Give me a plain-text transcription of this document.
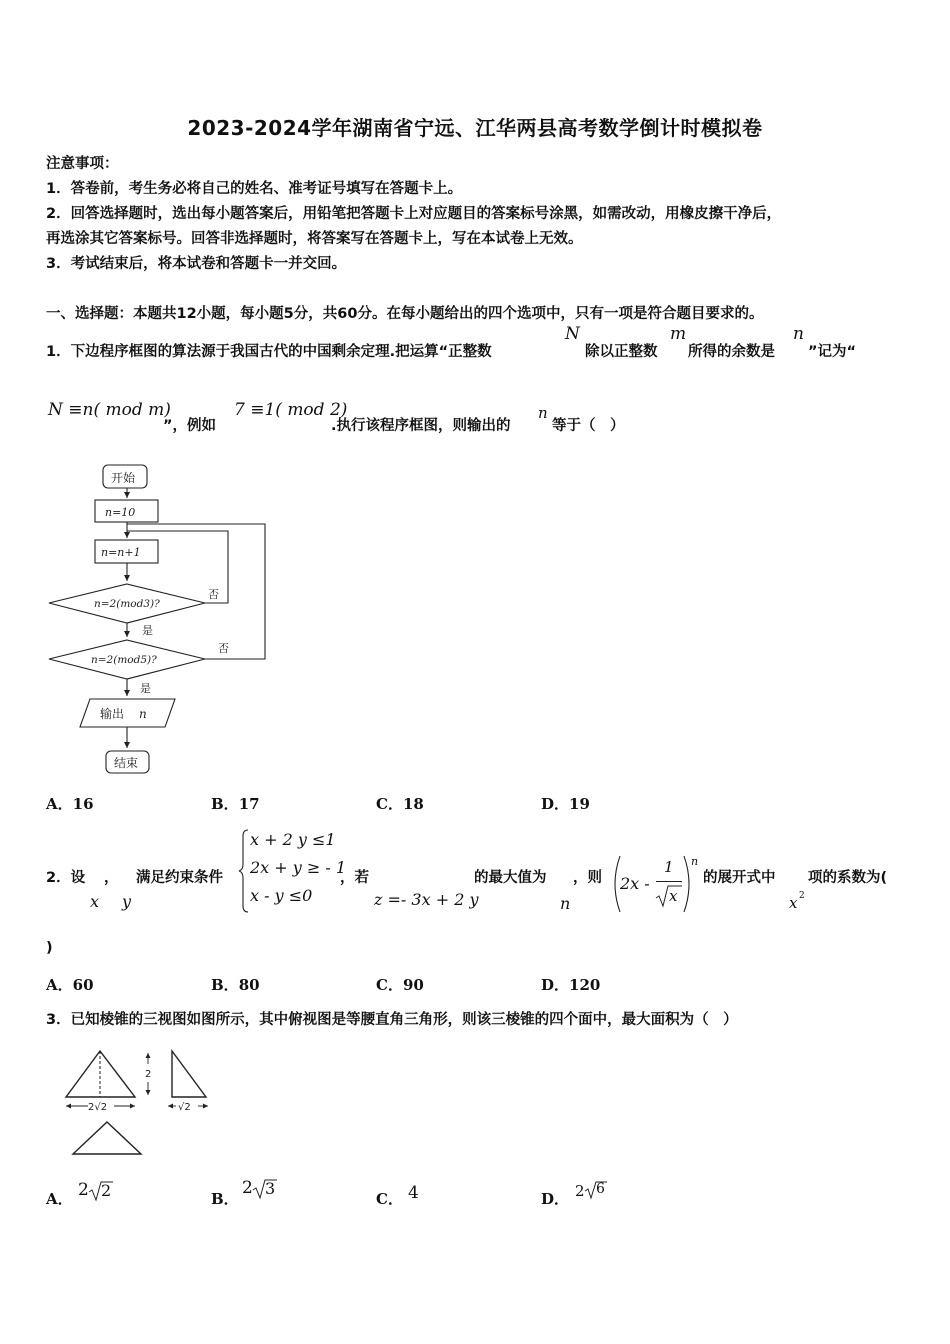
2023-2024学年湖南省宁远、江华两县高考数学倒计时模拟卷
注意事项：
1．答卷前，考生务必将自己的姓名、准考证号填写在答题卡上。
2．回答选择题时，选出每小题答案后，用铅笔把答题卡上对应题目的答案标号涂黑，如需改动，用橡皮擦干净后，
再选涂其它答案标号。回答非选择题时，将答案写在答题卡上，写在本试卷上无效。
3．考试结束后，将本试卷和答题卡一并交回。
一、选择题：本题共12小题，每小题5分，共60分。在每小题给出的四个选项中，只有一项是符合题目要求的。
1．下边程序框图的算法源于我国古代的中国剩余定理.把运算“正整数
N
除以正整数
m
所得的余数是
n
”记为“
N ≡n( mod m)
”，例如
7 ≡1( mod 2)
.执行该程序框图，则输出的
n
等于（　）
开始
n=10
n=n+1
n=2(mod3)?
n=2(mod5)?
否
否
是
是
输出 n
结束
A．16	B．17	C．18	D．19
2．设 ，
x y
满足约束条件
x + 2 y ≤1
2x + y ≥ - 1
x - y ≤0
，若
z =- 3x + 2 y
的最大值为
n
，则 2x -
1
x
n
的展开式中
x 2
项的系数为(
)
A．60	B．80	C．90	D．120
3．已知棱锥的三视图如图所示，其中俯视图是等腰直角三角形，则该三棱锥的四个面中，最大面积为（　）
2
2√2	√2
A． 2 2	B．
2 3
C． 4	D． 2 6
